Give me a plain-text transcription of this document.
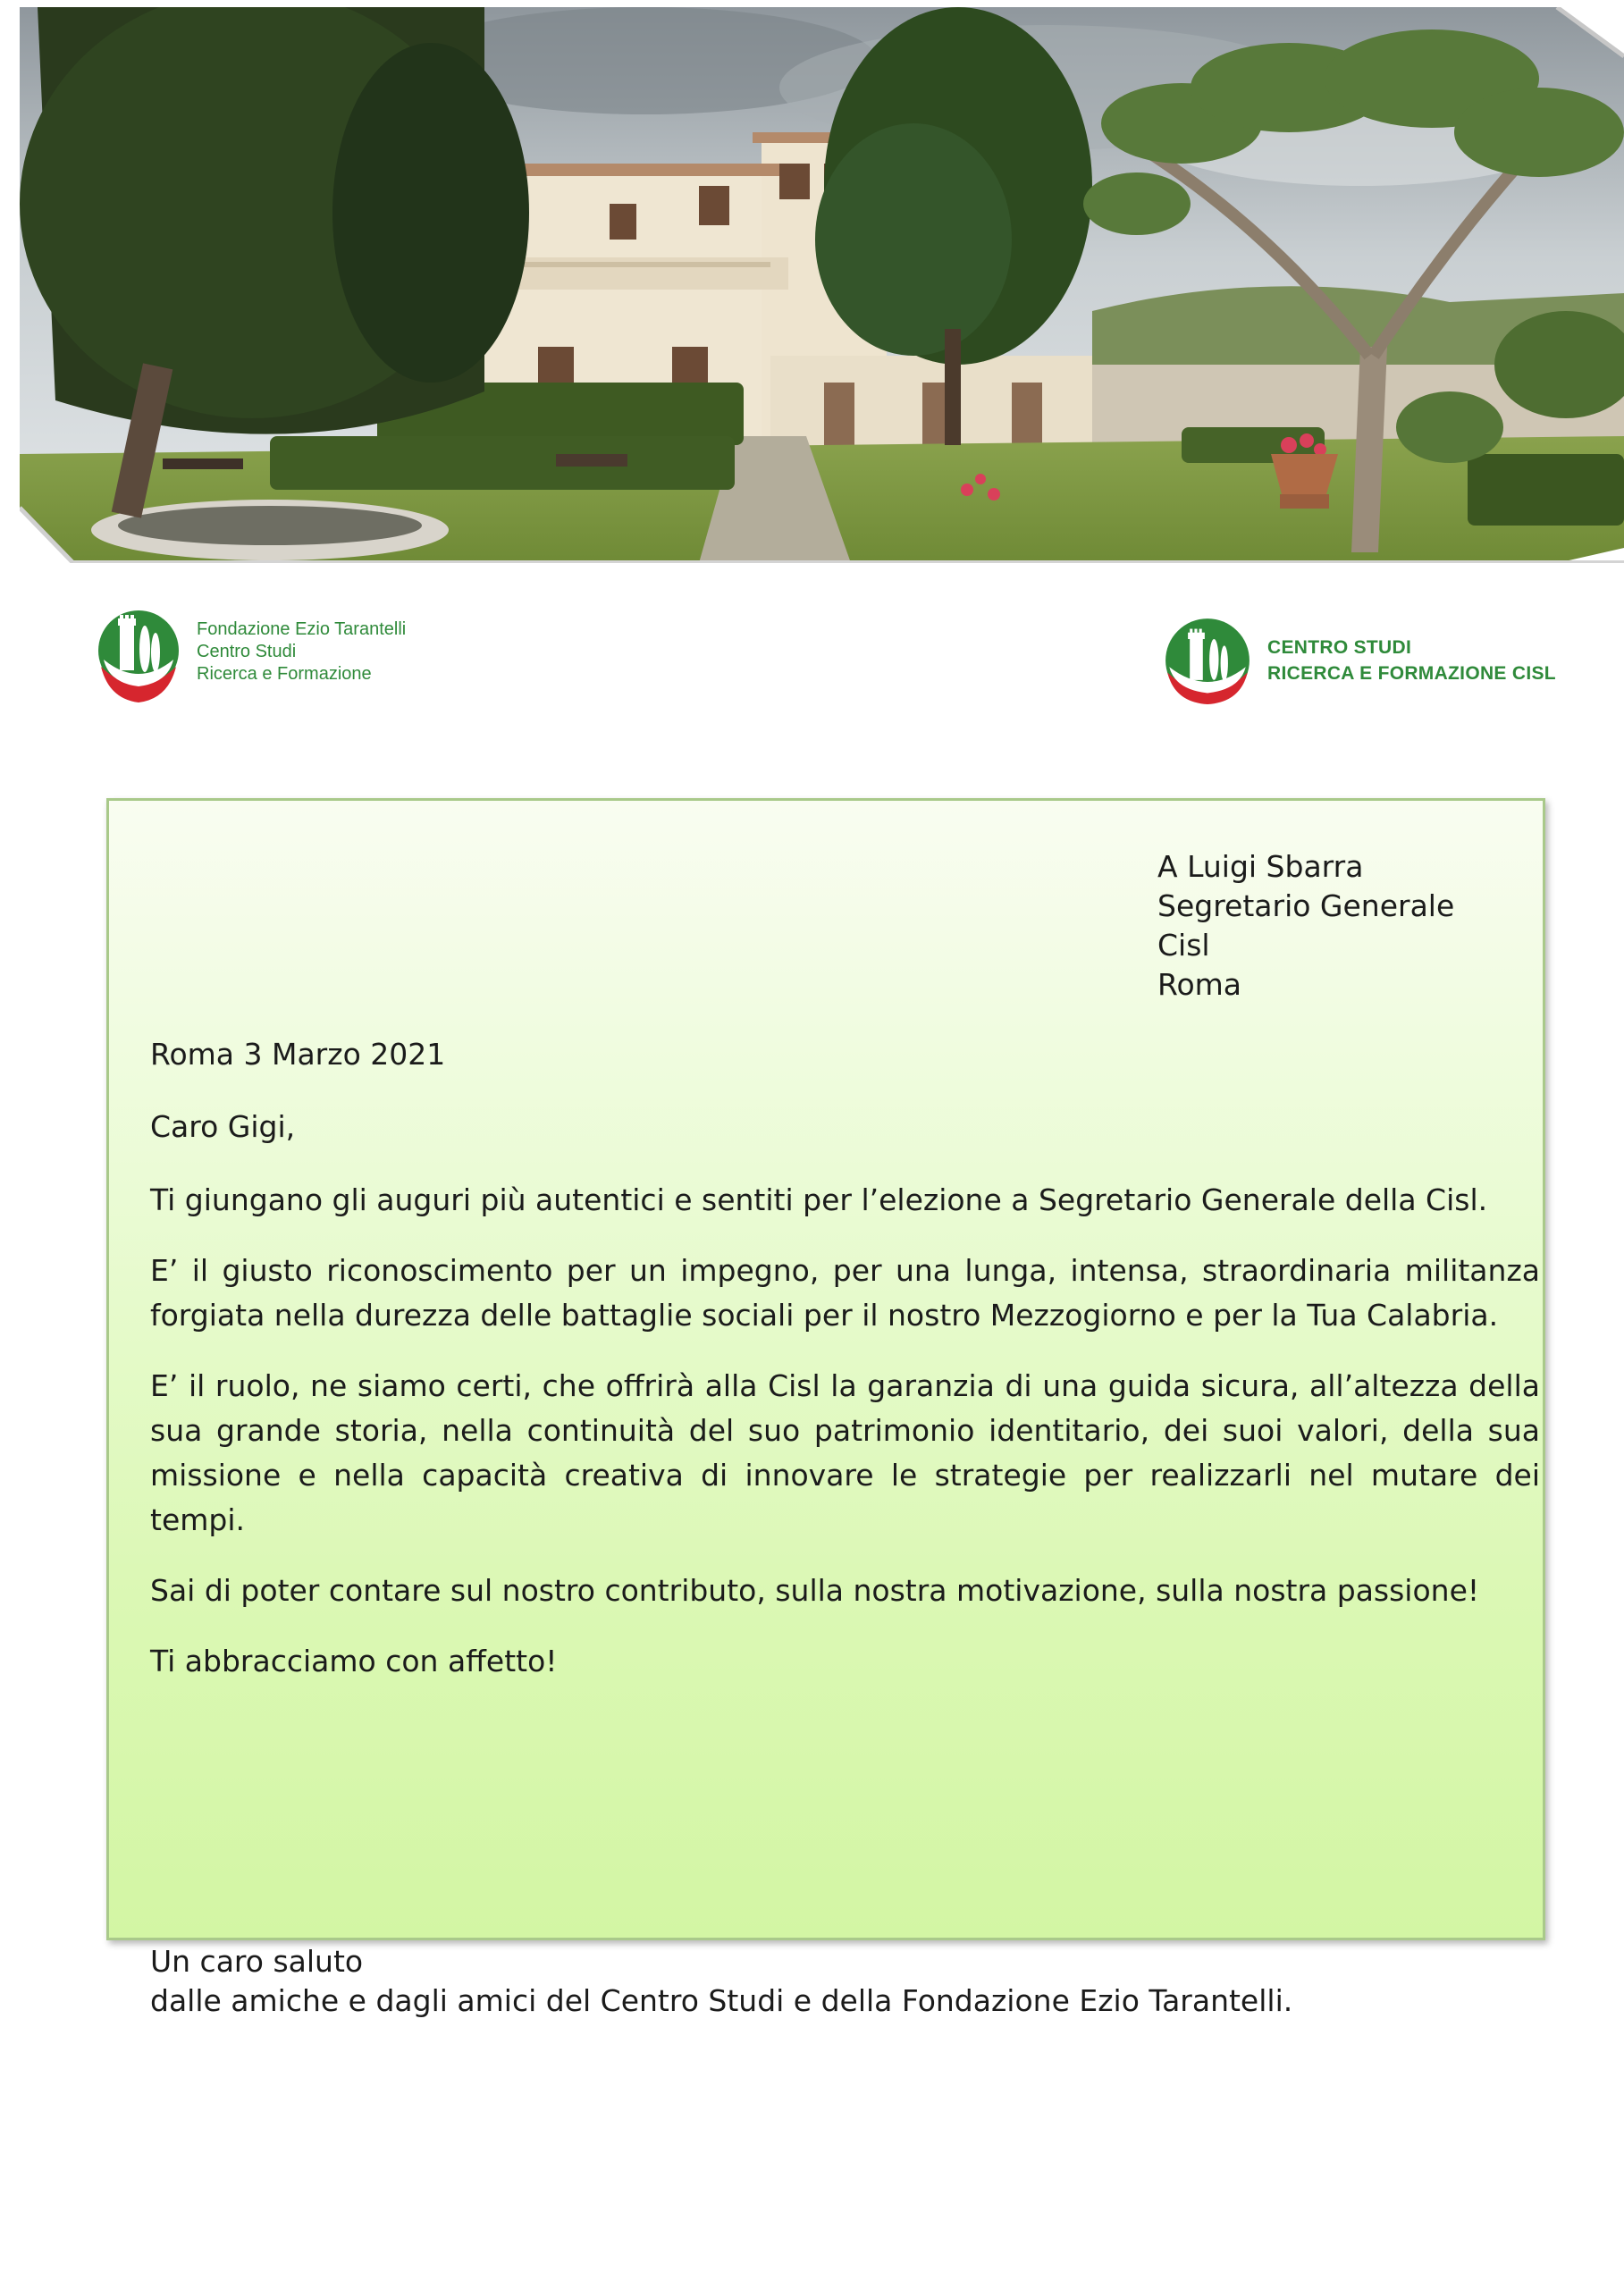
Fondazione Ezio Tarantelli
Centro Studi
Ricerca e Formazione
CENTRO STUDI
RICERCA E FORMAZIONE CISL
A Luigi Sbarra
Segretario Generale
Cisl
Roma
Roma 3 Marzo 2021
Caro Gigi,

Ti giungano gli auguri più autentici e sentiti per l’elezione a Segretario Generale della Cisl.

E’ il giusto riconoscimento per un impegno, per una lunga, intensa, straordinaria militanza forgiata nella durezza delle battaglie sociali per il nostro Mezzogiorno e per la Tua Calabria.

E’ il ruolo, ne siamo certi, che offrirà alla Cisl la garanzia di una guida sicura, all’altezza della sua grande storia, nella continuità del suo patrimonio identitario, dei suoi valori, della sua missione e nella capacità creativa di innovare le strategie per realizzarli nel mutare dei tempi.

Sai di poter contare sul nostro contributo, sulla nostra motivazione, sulla nostra passione!

Ti abbracciamo con affetto!

Un caro saluto
dalle amiche e dagli amici del Centro Studi e della Fondazione Ezio Tarantelli.
